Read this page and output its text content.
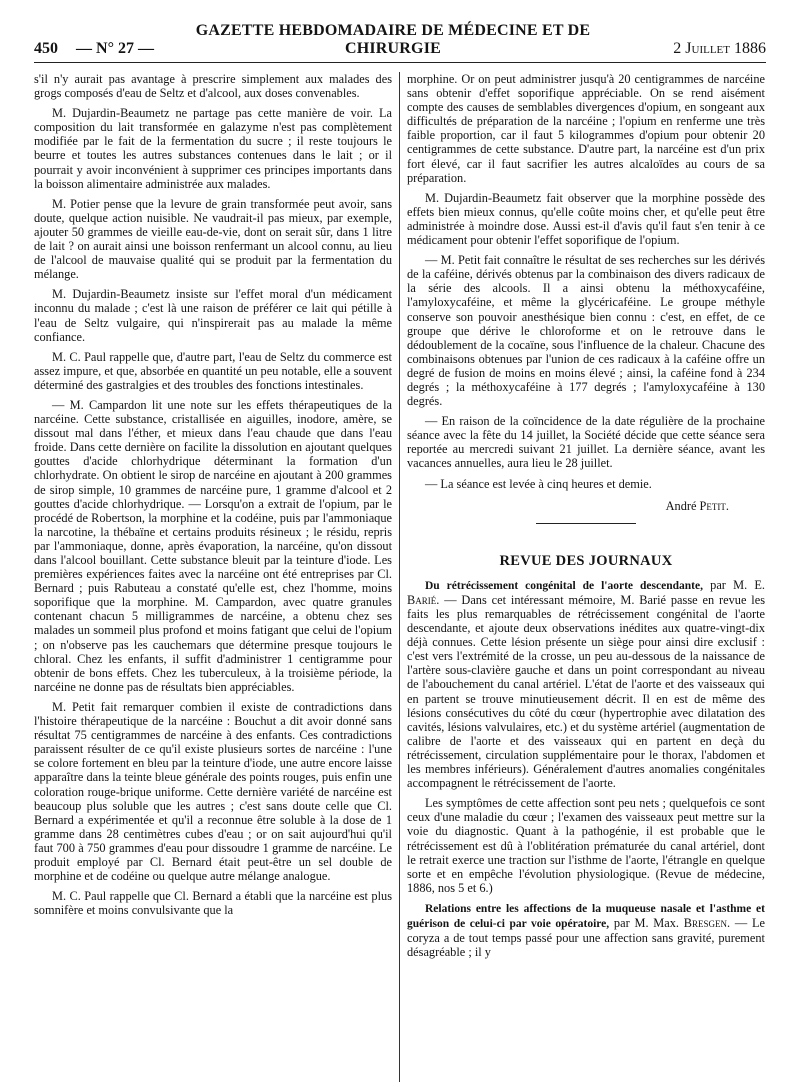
450	— N° 27 —
GAZETTE HEBDOMADAIRE DE MÉDECINE ET DE CHIRURGIE	2 Juillet 1886

s'il n'y aurait pas avantage à prescrire simplement aux malades des grogs composés d'eau de Seltz et d'alcool, aux doses convenables.

M. Dujardin-Beaumetz ne partage pas cette manière de voir. La composition du lait transformée en galazyme n'est pas complètement modifiée par le fait de la fermentation du sucre ; il reste toujours le beurre et toutes les autres substances contenues dans le lait ; or il pourrait y avoir inconvénient à supprimer ces principes importants dans la boisson alimentaire administrée aux malades.

M. Potier pense que la levure de grain transformée peut avoir, sans doute, quelque action nuisible. Ne vaudrait-il pas mieux, par exemple, ajouter 50 grammes de vieille eau-de-vie, dont on serait sûr, dans 1 litre de lait ? on aurait ainsi une boisson renfermant un alcool connu, au lieu de l'alcool de mauvaise qualité qui se produit par la fermentation du mélange.

M. Dujardin-Beaumetz insiste sur l'effet moral d'un médicament inconnu du malade ; c'est là une raison de préférer ce lait qui pétille à l'eau de Seltz vulgaire, qui n'inspirerait pas au malade la même confiance.

M. C. Paul rappelle que, d'autre part, l'eau de Seltz du commerce est assez impure, et que, absorbée en quantité un peu notable, elle a souvent déterminé des gastralgies et des troubles des fonctions intestinales.

— M. Campardon lit une note sur les effets thérapeutiques de la narcéine. Cette substance, cristallisée en aiguilles, inodore, amère, se dissout mal dans l'éther, et mieux dans l'eau chaude que dans l'eau froide. Dans cette dernière on facilite la dissolution en ajoutant quelques gouttes d'acide chlorhydrique déterminant la formation d'un chlorhydrate. On obtient le sirop de narcéine en ajoutant à 200 grammes de sirop simple, 10 grammes de narcéine pure, 1 gramme d'alcool et 2 gouttes d'acide chlorhydrique. — Lorsqu'on a extrait de l'opium, par le procédé de Robertson, la morphine et la codéine, puis par l'ammoniaque la narcotine, la thébaïne et certains produits résineux ; le résidu, repris par l'ammoniaque, donne, après évaporation, la narcéine, qu'on dissout dans l'alcool bouillant. Cette substance bleuit par la teinture d'iode. Les premières expériences faites avec la narcéine ont été entreprises par Cl. Bernard ; puis Rabuteau a constaté qu'elle est, chez l'homme, moins soporifique que la morphine. M. Campardon, avec quatre granules contenant chacun 5 milligrammes de narcéine, a obtenu chez ses malades un sommeil plus profond et moins fatigant que celui de l'opium ; on n'observe pas les cauchemars que détermine presque toujours le chloral. Chez les enfants, il suffit d'administrer 1 centigramme pour obtenir de bons effets. Chez les tuberculeux, à la troisième période, la narcéine ne donne pas de résultats bien appréciables.

M. Petit fait remarquer combien il existe de contradictions dans l'histoire thérapeutique de la narcéine : Bouchut a dit avoir donné sans résultat 75 centigrammes de narcéine à des enfants. Ces contradictions paraissent résulter de ce qu'il existe plusieurs sortes de narcéine : l'une se colore fortement en bleu par la teinture d'iode, une autre encore laisse apparaître dans la teinte bleue générale des points rouges, puis enfin une coloration rouge-brique uniforme. Cette dernière variété de narcéine est beaucoup plus soluble que les autres ; c'est sans doute celle que Cl. Bernard a expérimentée et qu'il a reconnue être soluble à la dose de 1 gramme dans 28 centimètres cubes d'eau ; or on sait aujourd'hui qu'il faut 700 à 750 grammes d'eau pour dissoudre 1 gramme de narcéine. Le produit employé par Cl. Bernard était peut-être un sel double de morphine et de codéine ou quelque autre mélange analogue.

M. C. Paul rappelle que Cl. Bernard a établi que la narcéine est plus somnifère et moins convulsivante que la

morphine. Or on peut administrer jusqu'à 20 centigrammes de narcéine sans obtenir d'effet soporifique appréciable. On se rend aisément compte des causes de semblables divergences d'opium, en songeant aux difficultés de préparation de la narcéine ; l'opium en renferme une très faible proportion, car il faut 5 kilogrammes d'opium pour obtenir 20 centigrammes de cette substance. D'autre part, la narcéine est d'un prix fort élevé, car il faut sacrifier les autres alcaloïdes au cours de sa préparation.

M. Dujardin-Beaumetz fait observer que la morphine possède des effets bien mieux connus, qu'elle coûte moins cher, et qu'elle peut être administrée à moindre dose. Aussi est-il d'avis qu'il faut s'en tenir à ce médicament pour obtenir l'effet soporifique de l'opium.

— M. Petit fait connaître le résultat de ses recherches sur les dérivés de la caféine, dérivés obtenus par la combinaison des divers radicaux de la série des alcools. Il a ainsi obtenu la méthoxycaféine, l'amyloxycaféine, et même la glycéricaféine. Le groupe méthyle conserve son pouvoir anesthésique bien connu : c'est, en effet, de ce groupe que dérive le chloroforme et on le retrouve dans le dédoublement de la cocaïne, sous l'influence de la chaleur. Chacune des combinaisons obtenues par l'union de ces radicaux à la caféine offre un degré de fusion de moins en moins élevé ; ainsi, la caféine fond à 234 degrés ; la méthoxycaféine à 177 degrés ; l'amyloxycaféine à 130 degrés.

— En raison de la coïncidence de la date régulière de la prochaine séance avec la fête du 14 juillet, la Société décide que cette séance sera reportée au mercredi suivant 21 juillet. La dernière séance, avant les vacances annuelles, aura lieu le 28 juillet.

— La séance est levée à cinq heures et demie.

André Petit.
REVUE DES JOURNAUX

Du rétrécissement congénital de l'aorte descendante, par M. E. Barié. — Dans cet intéressant mémoire, M. Barié passe en revue les faits les plus remarquables de rétrécissement congénital de l'aorte descendante, et ajoute deux observations inédites aux quatre-vingt-dix déjà connues. Cette lésion présente un siège pour ainsi dire exclusif : c'est vers l'extrémité de la crosse, un peu au-dessous de la naissance de l'artère sous-clavière gauche et dans un point correspondant au niveau de l'abouchement du canal artériel. L'état de l'aorte et des vaisseaux qui en partent se trouve minutieusement décrit. Il en est de même des lésions consécutives du côté du cœur (hypertrophie avec dilatation des cavités, lésions valvulaires, etc.) et du système artériel (augmentation de calibre de l'aorte et des vaisseaux qui en partent en deçà du rétrécissement, circulation supplémentaire pour le thorax, l'abdomen et les membres inférieurs). Généralement d'autres anomalies congénitales accompagnent le rétrécissement de l'aorte.

Les symptômes de cette affection sont peu nets ; quelquefois ce sont ceux d'une maladie du cœur ; l'examen des vaisseaux peut mettre sur la voie du diagnostic. Quant à la pathogénie, il est probable que le rétrécissement est dû à l'oblitération prématurée du canal artériel, dont le retrait exerce une traction sur l'isthme de l'aorte, l'étrangle en quelque sorte et en empêche l'évolution physiologique. (Revue de médecine, 1886, nos 5 et 6.)

Relations entre les affections de la muqueuse nasale et l'asthme et guérison de celui-ci par voie opératoire, par M. Max. Bresgen. — Le coryza a de tout temps passé pour une affection sans gravité, purement désagréable ; il y
